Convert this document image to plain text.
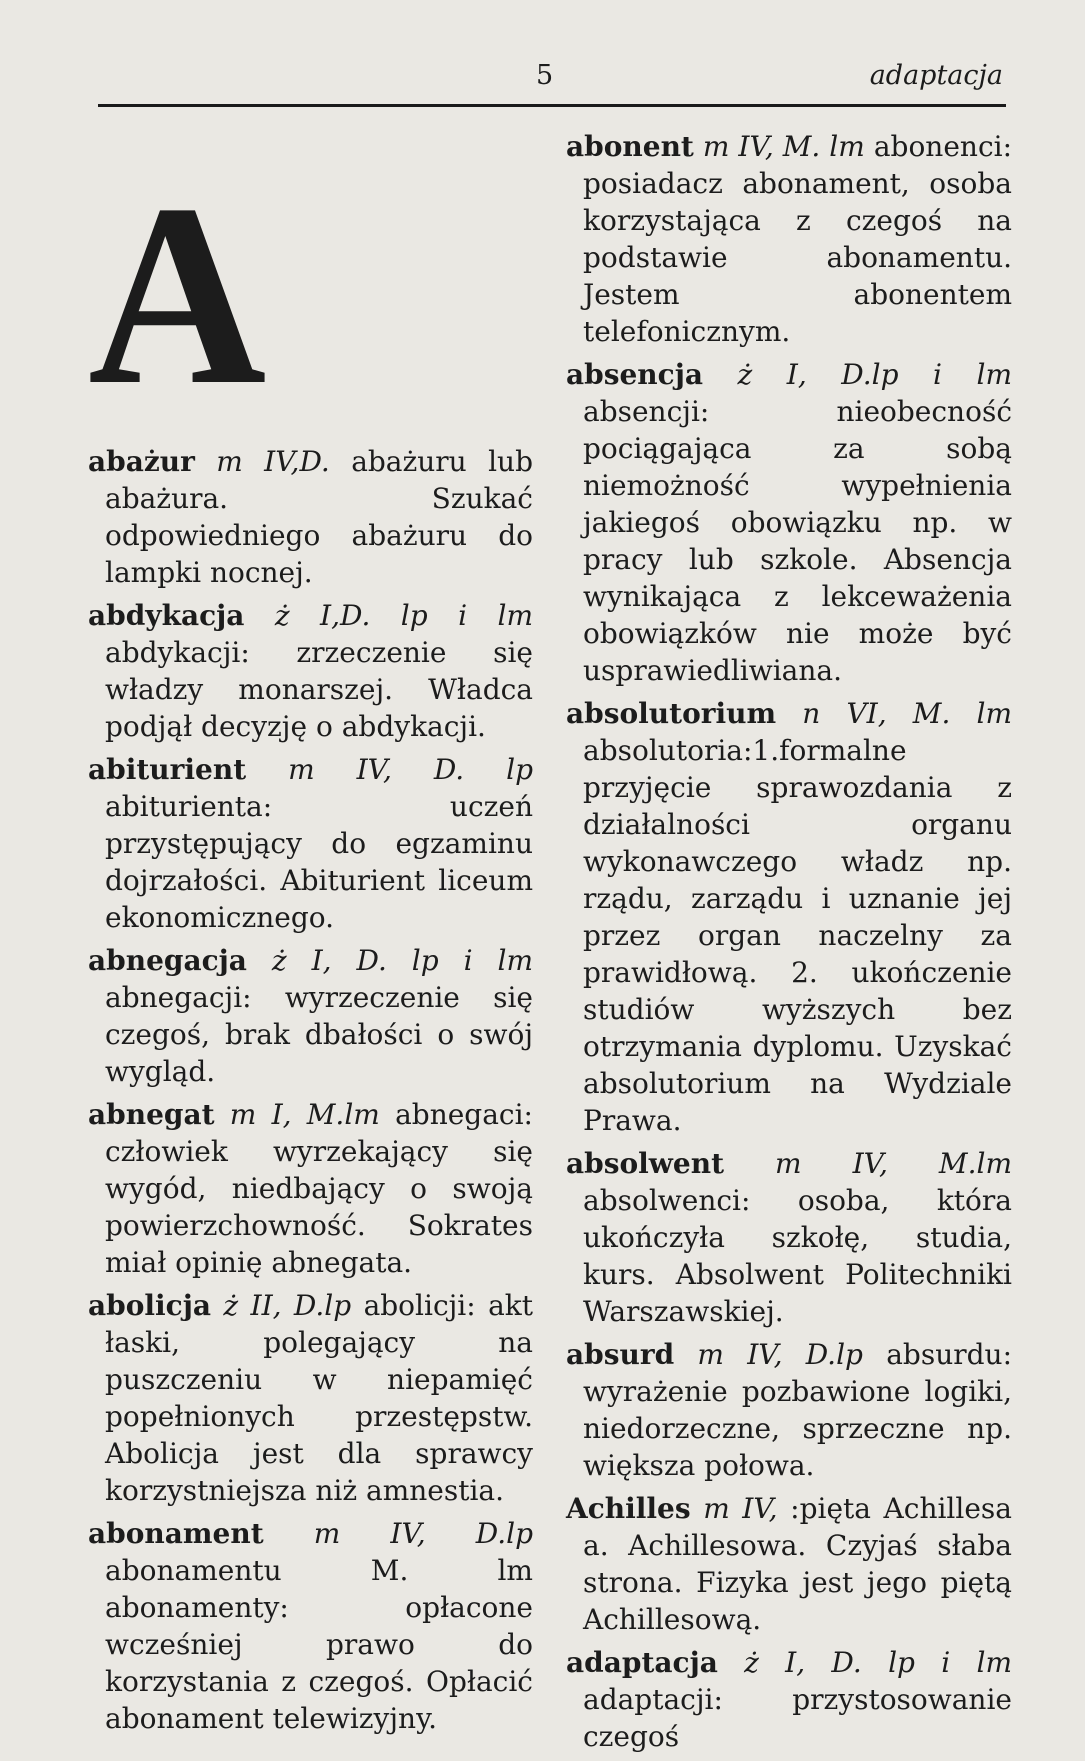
5	adaptacja
A

abażur m IV,D. abażuru lub abażura. Szukać odpowiedniego abażuru do lampki nocnej.

abdykacja ż I,D. lp i lm abdykacji: zrzeczenie się władzy monarszej. Władca podjął decyzję o abdykacji.

abiturient m IV, D. lp abiturienta: uczeń przystępujący do egzaminu dojrzałości. Abiturient liceum ekonomicznego.

abnegacja ż I, D. lp i lm abnegacji: wyrzeczenie się czegoś, brak dbałości o swój wygląd.

abnegat m I, M.lm abnegaci: człowiek wyrzekający się wygód, niedbający o swoją powierzchowność. Sokrates miał opinię abnegata.

abolicja ż II, D.lp abolicji: akt łaski, polegający na puszczeniu w niepamięć popełnionych przestępstw. Abolicja jest dla sprawcy korzystniejsza niż amnestia.

abonament m IV, D.lp abonamentu M. lm abonamenty: opłacone wcześniej prawo do korzystania z czegoś. Opłacić abonament telewizyjny.

abonent m IV, M. lm abonenci: posiadacz abonament, osoba korzystająca z czegoś na podstawie abonamentu. Jestem abonentem telefonicznym.

absencja ż I, D.lp i lm absencji: nieobecność pociągająca za sobą niemożność wypełnienia jakiegoś obowiązku np. w pracy lub szkole. Absencja wynikająca z lekceważenia obowiązków nie może być usprawiedliwiana.

absolutorium n VI, M. lm absolutoria:1.formalne przyjęcie sprawozdania z działalności organu wykonawczego władz np. rządu, zarządu i uznanie jej przez organ naczelny za prawidłową. 2. ukończenie studiów wyższych bez otrzymania dyplomu. Uzyskać absolutorium na Wydziale Prawa.

absolwent m IV, M.lm absolwenci: osoba, która ukończyła szkołę, studia, kurs. Absolwent Politechniki Warszawskiej.

absurd m IV, D.lp absurdu: wyrażenie pozbawione logiki, niedorzeczne, sprzeczne np. większa połowa.

Achilles m IV, :pięta Achillesa a. Achillesowa. Czyjaś słaba strona. Fizyka jest jego piętą Achillesową.

adaptacja ż I, D. lp i lm adaptacji: przystosowanie czegoś
